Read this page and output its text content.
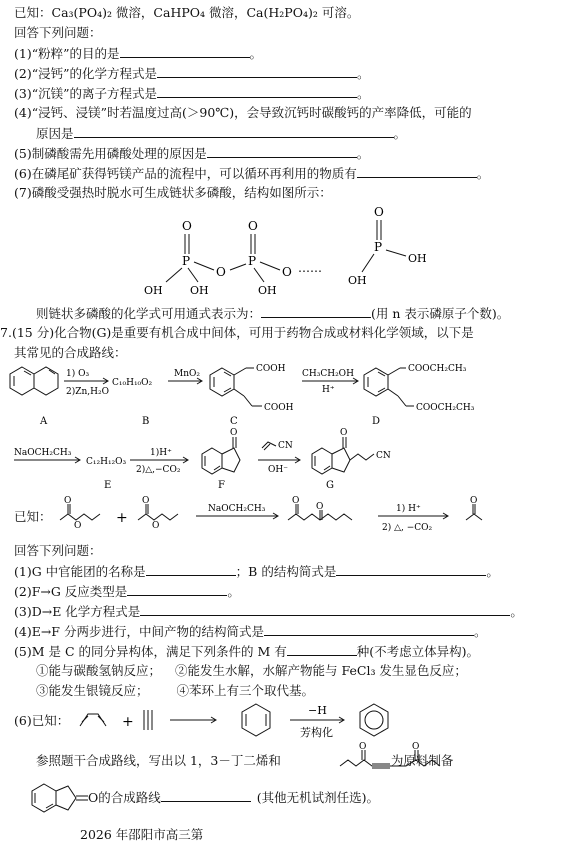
已知：Ca₃(PO₄)₂ 微溶，CaHPO₄ 微溶，Ca(H₂PO₄)₂ 可溶。
回答下列问题：
(1)“粉粹”的目的是	。
(2)“浸钙”的化学方程式是	。
(3)“沉镁”的离子方程式是	。
(4)“浸钙、浸镁”时若温度过高(＞90℃)，会导致沉钙时碳酸钙的产率降低，可能的
原因是	。
(5)制磷酸需先用磷酸处理的原因是	。
(6)在磷尾矿获得钙镁产品的流程中，可以循环再利用的物质有	。
(7)磷酸受强热时脱水可生成链状多磷酸，结构如图所示：
O
P
OH OH
O
O
P
OH
O ……
O
P
OH
OH
则链状多磷酸的化学式可用通式表示为：	(用 n 表示磷原子个数)。
7.(15 分)化合物(G)是重要有机合成中间体，可用于药物合成或材料化学领域，以下是
其常见的合成路线：
1) O₃
2)Zn,H₂O
C₁₀H₁₀O₂
MnO₂	COOH
COOH
CH₃CH₂OH
H⁺
COOCH₂CH₃
COOCH₂CH₃
A	B	C	D
NaOCH₂CH₃
C₁₂H₁₂O₃
1)H⁺
2)△,−CO₂
O
CN
OH⁻
O
CN
E	F	G
已知：
O
O +
O
O
NaOCH₂CH₃
O
O	1) H⁺
2) △, −CO₂
O
回答下列问题：
(1)G 中官能团的名称是	；B 的结构简式是	。
(2)F→G 反应类型是	。
(3)D→E 化学方程式是	。
(4)E→F 分两步进行，中间产物的结构简式是	。
(5)M 是 C 的同分异构体，满足下列条件的 M 有	种(不考虑立体异构)。
①能与碳酸氢钠反应； ②能发生水解，水解产物能与 FeCl₃ 发生显色反应；
③能发生银镜反应； ④苯环上有三个取代基。
(6)已知：	+
−H
芳构化
参照题干合成路线，写出以 1，3－丁二烯和	为原料制备
O	O
O的合成路线	(其他无机试剂任选)。
2026 年邵阳市高三第
